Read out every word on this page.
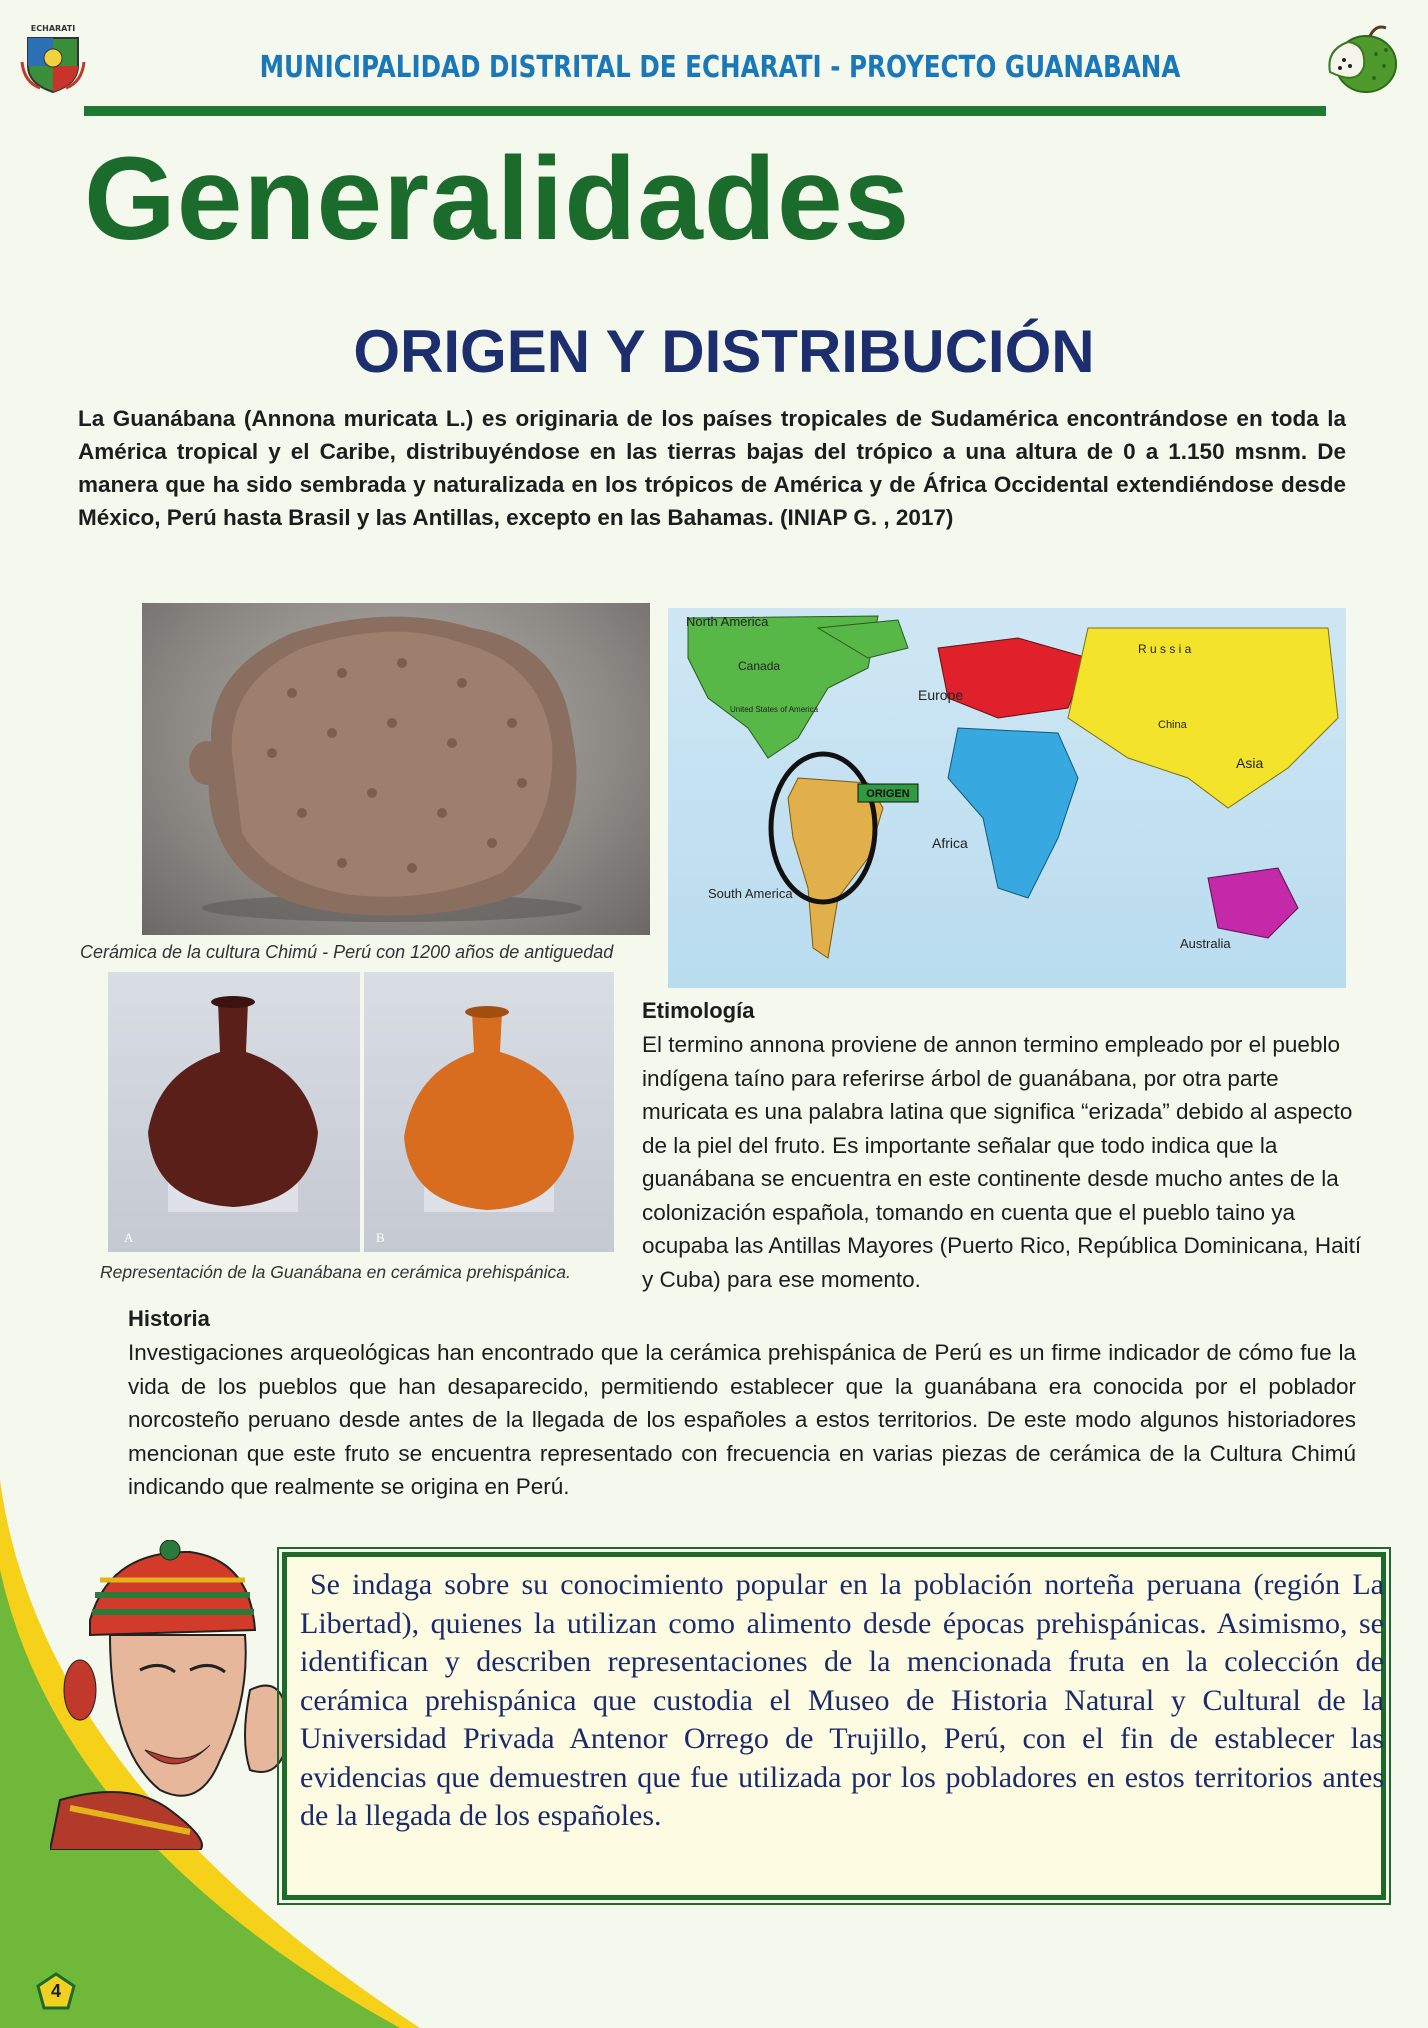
ECHARATI
MUNICIPALIDAD DISTRITAL DE ECHARATI - PROYECTO GUANABANA
Generalidades
ORIGEN Y DISTRIBUCIÓN
La Guanábana (Annona muricata L.) es originaria de los países tropicales de Sudamérica encontrándose en toda la América tropical y el Caribe, distribuyéndose en las tierras bajas del trópico a una altura de 0 a 1.150 msnm. De manera que ha sido sembrada y naturalizada en los trópicos de América y de África Occidental extendiéndose desde México, Perú hasta Brasil y las Antillas, excepto en las Bahamas. (INIAP G. , 2017)
Cerámica de la cultura Chimú - Perú con 1200 años de antiguedad
ORIGEN
North America
Canada
United States of America
Europe
R u s s i a
China
Asia
Africa
South America
Australia
A	B
Representación de la Guanábana en cerámica prehispánica.
Etimología
El termino annona proviene de annon termino empleado por el pueblo indígena taíno para referirse árbol de guanábana, por otra parte muricata es una palabra latina que significa “erizada” debido al aspecto de la piel del fruto. Es importante señalar que todo indica que la guanábana se encuentra en este continente desde mucho antes de la colonización española, tomando en cuenta que el pueblo taino ya ocupaba las Antillas Mayores (Puerto Rico, República Dominicana, Haití y Cuba) para ese momento.
Historia
Investigaciones arqueológicas han encontrado que la cerámica prehispánica de Perú es un firme indicador de cómo fue la vida de los pueblos que han desaparecido, permitiendo establecer que la guanábana era conocida por el poblador norcosteño peruano desde antes de la llegada de los españoles a estos territorios. De este modo algunos historiadores mencionan que este fruto se encuentra representado con frecuencia en varias piezas de cerámica de la Cultura Chimú indicando que realmente se origina en Perú.
Se indaga sobre su conocimiento popular en la población norteña peruana (región La Libertad), quienes la utilizan como alimento desde épocas prehispánicas. Asimismo, se identifican y describen representaciones de la mencionada fruta en la colección de cerámica prehispánica que custodia el Museo de Historia Natural y Cultural de la Universidad Privada Antenor Orrego de Trujillo, Perú, con el fin de establecer las evidencias que demuestren que fue utilizada por los pobladores en estos territorios antes de la llegada de los españoles.
4
